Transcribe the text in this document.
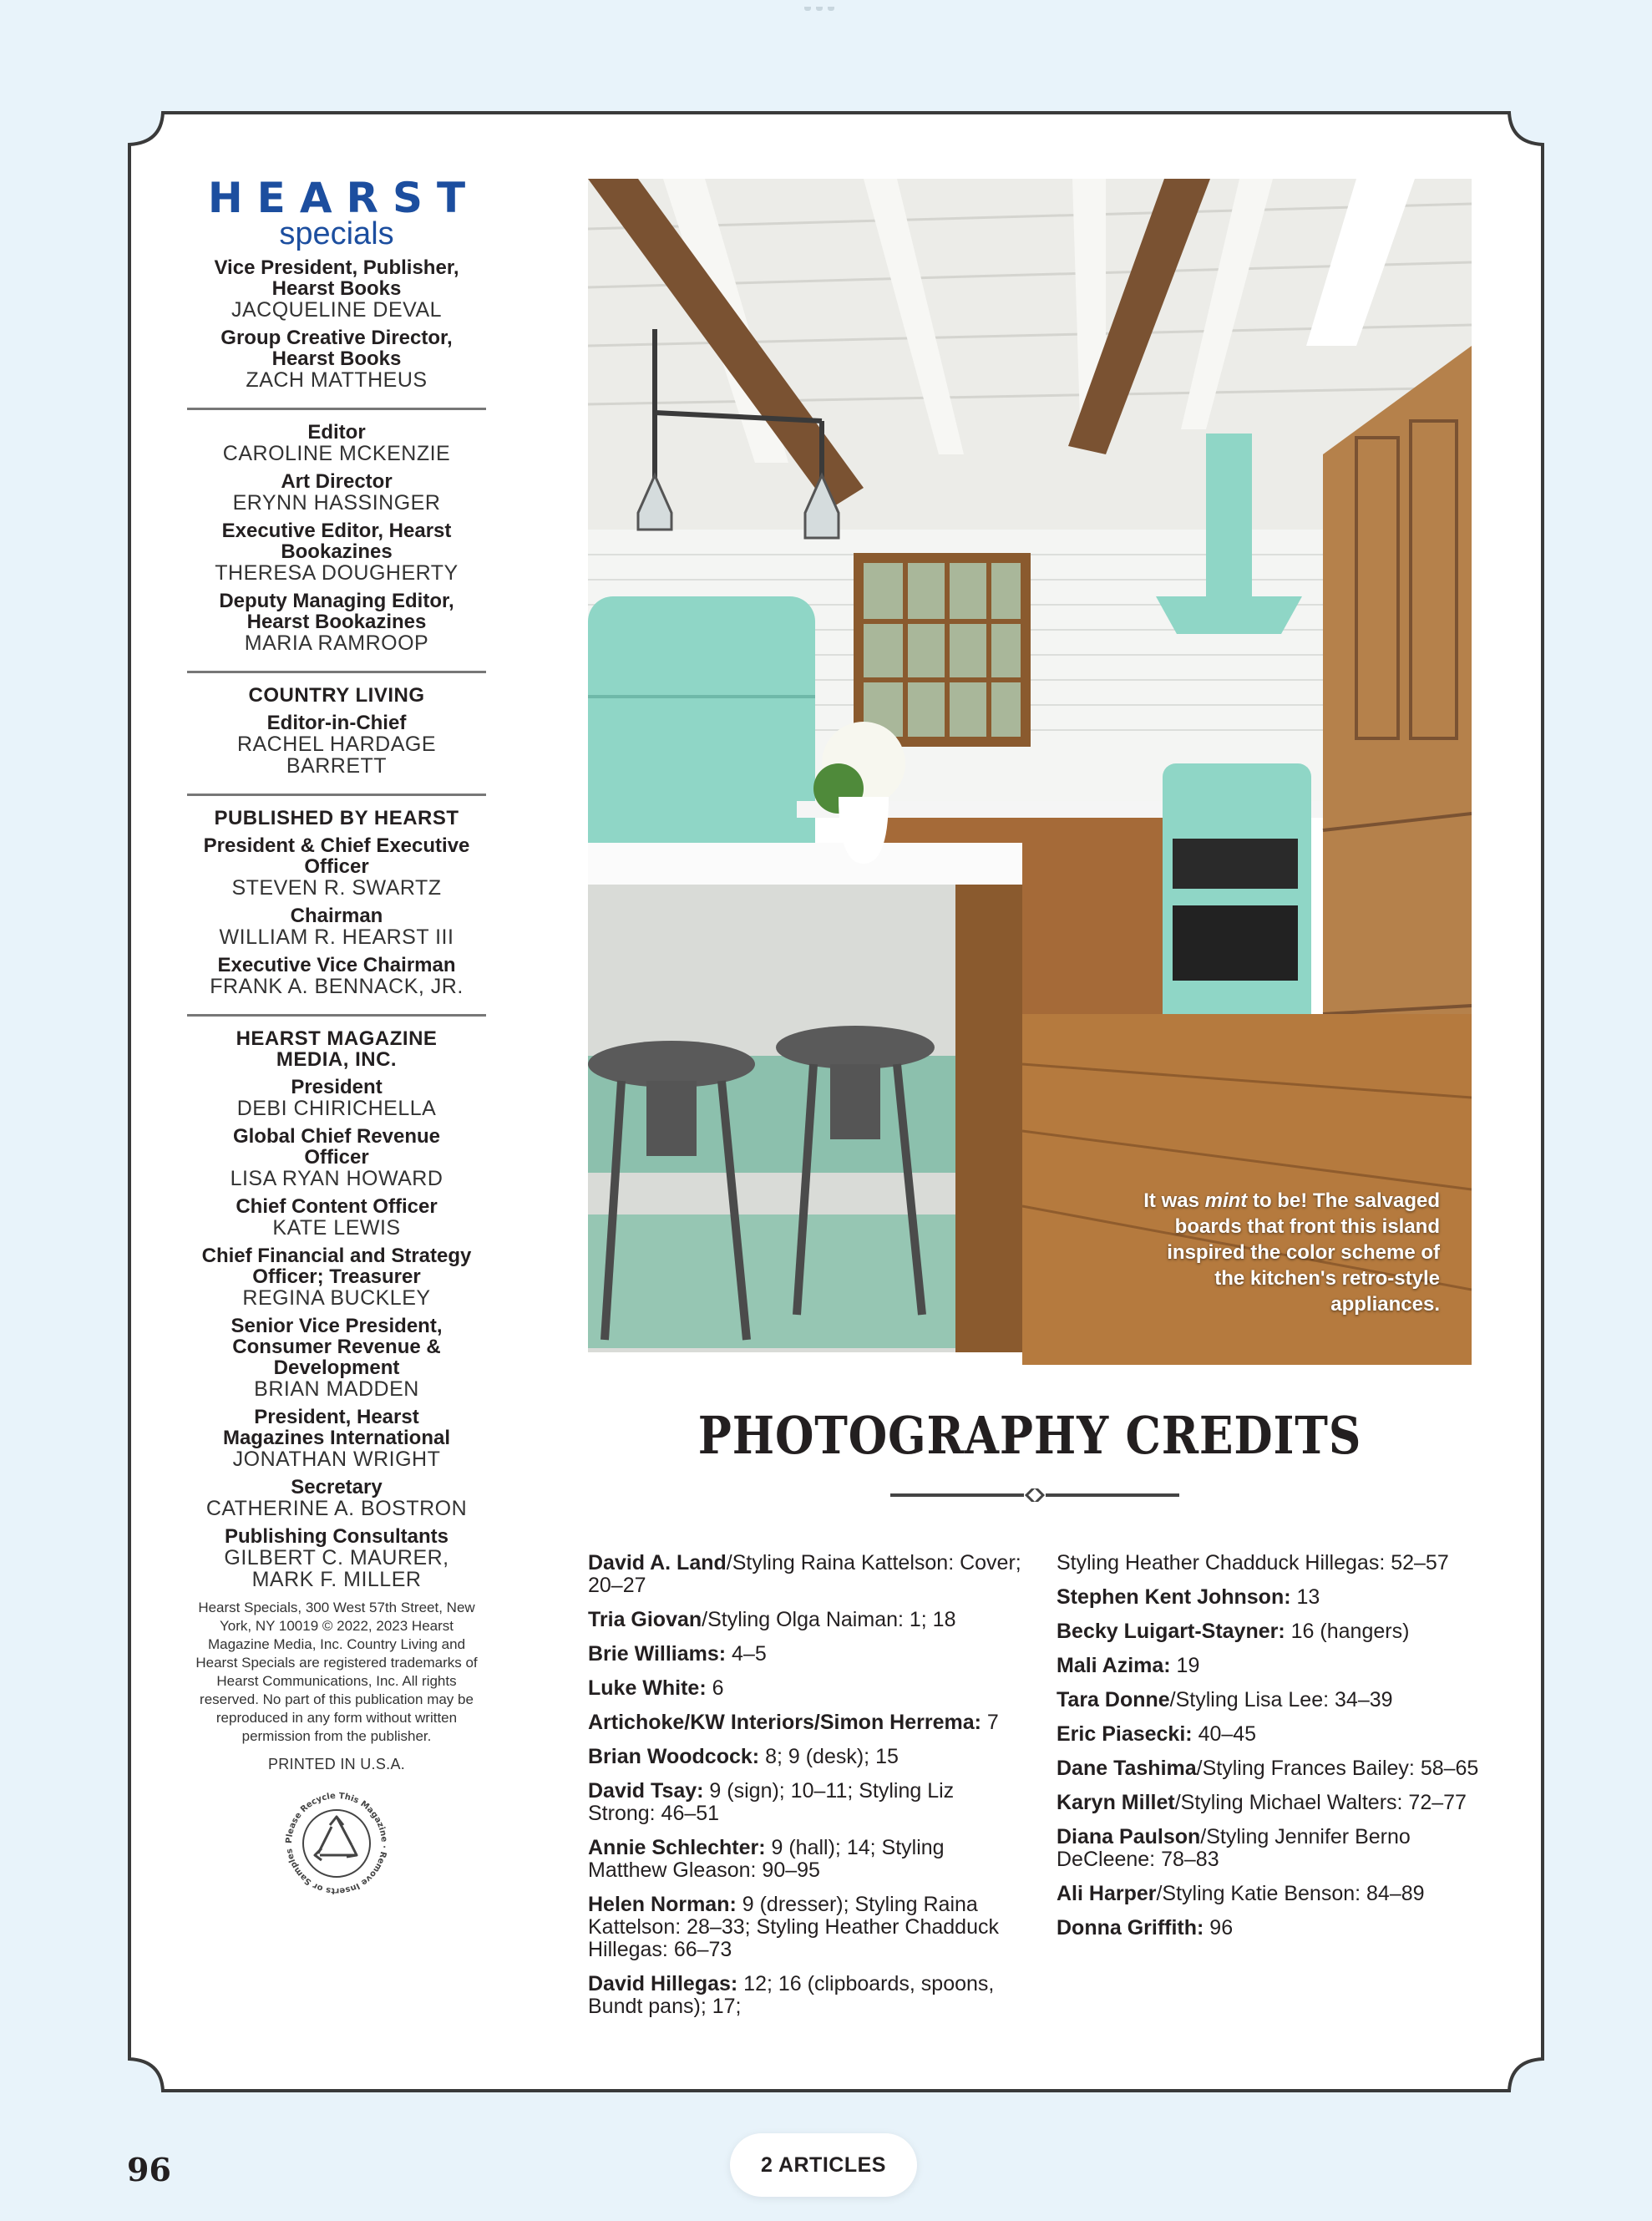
HEARST
specials
Vice President, Publisher, Hearst Books
JACQUELINE DEVAL
Group Creative Director, Hearst Books
ZACH MATTHEUS
Editor
CAROLINE MCKENZIE
Art Director
ERYNN HASSINGER
Executive Editor, Hearst Bookazines
THERESA DOUGHERTY
Deputy Managing Editor, Hearst Bookazines
MARIA RAMROOP
COUNTRY LIVING
Editor-in-Chief
RACHEL HARDAGE BARRETT
PUBLISHED BY HEARST
President & Chief Executive Officer
STEVEN R. SWARTZ
Chairman
WILLIAM R. HEARST III
Executive Vice Chairman
FRANK A. BENNACK, JR.
HEARST MAGAZINE MEDIA, INC.
President
DEBI CHIRICHELLA
Global Chief Revenue Officer
LISA RYAN HOWARD
Chief Content Officer
KATE LEWIS
Chief Financial and Strategy Officer; Treasurer
REGINA BUCKLEY
Senior Vice President, Consumer Revenue & Development
BRIAN MADDEN
President, Hearst Magazines International
JONATHAN WRIGHT
Secretary
CATHERINE A. BOSTRON
Publishing Consultants
GILBERT C. MAURER, MARK F. MILLER
Hearst Specials, 300 West 57th Street, New York, NY 10019 © 2022, 2023 Hearst Magazine Media, Inc. Country Living and Hearst Specials are registered trademarks of Hearst Communications, Inc. All rights reserved. No part of this publication may be reproduced in any form without written permission from the publisher.
PRINTED IN U.S.A.
Please Recycle This Magazine · Remove Inserts or Samples
It was mint to be! The salvaged boards that front this island inspired the color scheme of the kitchen's retro-style appliances.
PHOTOGRAPHY CREDITS
David A. Land/Styling Raina Kattelson: Cover; 20–27
Tria Giovan/Styling Olga Naiman: 1; 18
Brie Williams: 4–5
Luke White: 6
Artichoke/KW Interiors/Simon Herrema: 7
Brian Woodcock: 8; 9 (desk); 15
David Tsay: 9 (sign); 10–11; Styling Liz Strong: 46–51
Annie Schlechter: 9 (hall); 14; Styling Matthew Gleason: 90–95
Helen Norman: 9 (dresser); Styling Raina Kattelson: 28–33; Styling Heather Chadduck Hillegas: 66–73
David Hillegas: 12; 16 (clipboards, spoons, Bundt pans); 17;
Styling Heather Chadduck Hillegas: 52–57
Stephen Kent Johnson: 13
Becky Luigart-Stayner: 16 (hangers)
Mali Azima: 19
Tara Donne/Styling Lisa Lee: 34–39
Eric Piasecki: 40–45
Dane Tashima/Styling Frances Bailey: 58–65
Karyn Millet/Styling Michael Walters: 72–77
Diana Paulson/Styling Jennifer Berno DeCleene: 78–83
Ali Harper/Styling Katie Benson: 84–89
Donna Griffith: 96
96	2 ARTICLES
